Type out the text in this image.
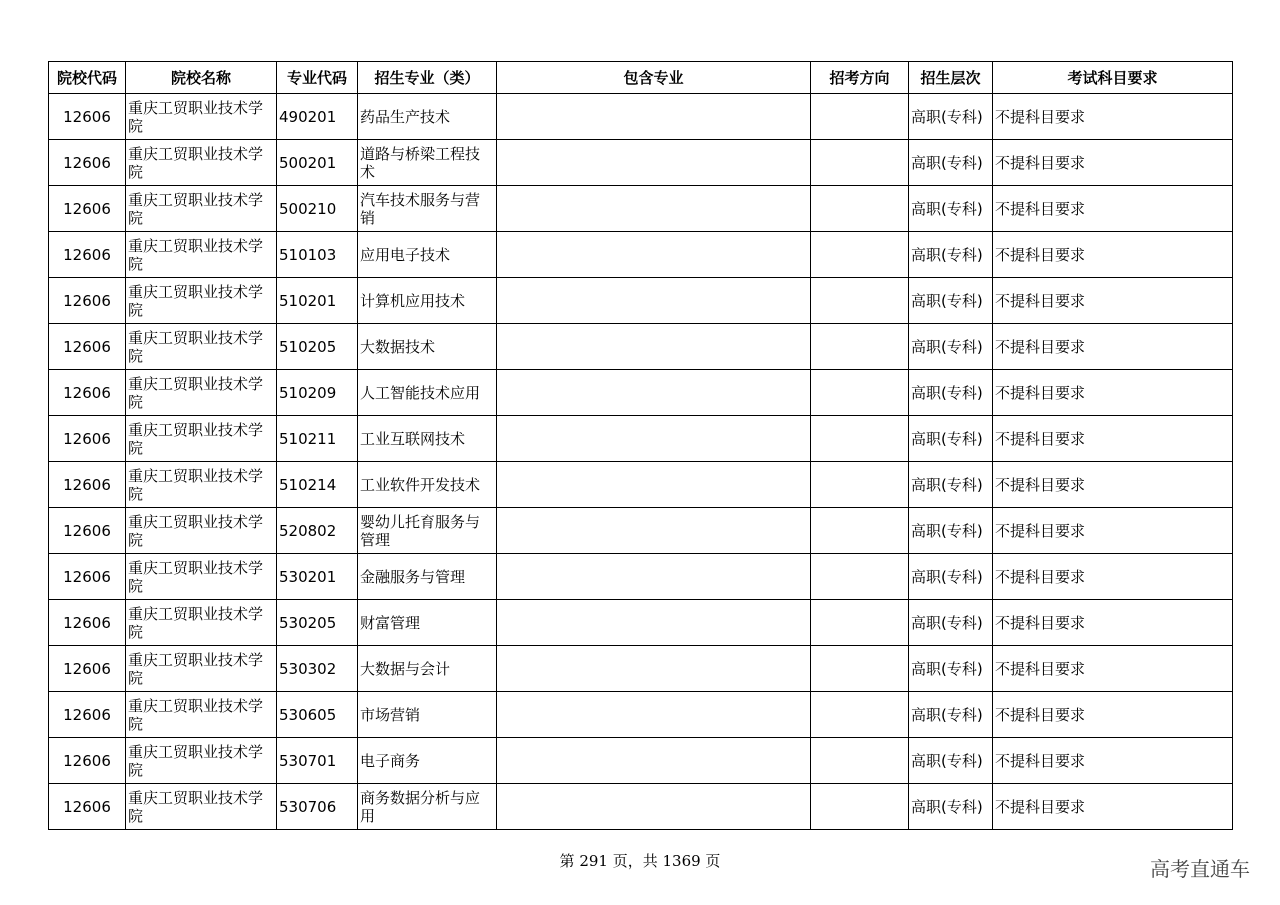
院校代码	院校名称	专业代码	招生专业（类）	包含专业	招考方向	招生层次	考试科目要求
12606	重庆工贸职业技术学院	490201	药品生产技术			高职(专科)	不提科目要求
12606	重庆工贸职业技术学院	500201	道路与桥梁工程技术			高职(专科)	不提科目要求
12606	重庆工贸职业技术学院	500210	汽车技术服务与营销			高职(专科)	不提科目要求
12606	重庆工贸职业技术学院	510103	应用电子技术			高职(专科)	不提科目要求
12606	重庆工贸职业技术学院	510201	计算机应用技术			高职(专科)	不提科目要求
12606	重庆工贸职业技术学院	510205	大数据技术			高职(专科)	不提科目要求
12606	重庆工贸职业技术学院	510209	人工智能技术应用			高职(专科)	不提科目要求
12606	重庆工贸职业技术学院	510211	工业互联网技术			高职(专科)	不提科目要求
12606	重庆工贸职业技术学院	510214	工业软件开发技术			高职(专科)	不提科目要求
12606	重庆工贸职业技术学院	520802	婴幼儿托育服务与管理			高职(专科)	不提科目要求
12606	重庆工贸职业技术学院	530201	金融服务与管理			高职(专科)	不提科目要求
12606	重庆工贸职业技术学院	530205	财富管理			高职(专科)	不提科目要求
12606	重庆工贸职业技术学院	530302	大数据与会计			高职(专科)	不提科目要求
12606	重庆工贸职业技术学院	530605	市场营销			高职(专科)	不提科目要求
12606	重庆工贸职业技术学院	530701	电子商务			高职(专科)	不提科目要求
12606	重庆工贸职业技术学院	530706	商务数据分析与应用			高职(专科)	不提科目要求
第 291 页，共 1369 页	高考直通车
